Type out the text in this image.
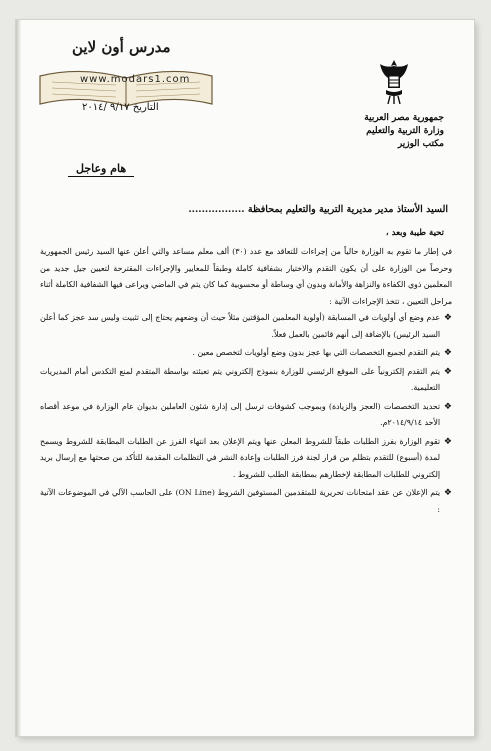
مدرس أون لاين
www.modars1.com
جمهورية مصر العربية
وزارة التربية والتعليم
مكتب الوزير
التاريخ ٩/١٧ /٢٠١٤
هام وعاجل
السيد الأستاذ مدير مديرية التربية والتعليم بمحافظة .................
تحية طيبة وبعد ،

في إطار ما تقوم به الوزارة حالياً من إجراءات للتعاقد مع عدد (٣٠) ألف معلم مساعد والتي أعلن عنها السيد رئيس الجمهورية وحرصاً من الوزارة على أن يكون التقدم والاختيار بشفافية كاملة وطبقاً للمعايير والإجراءات المقترحة لتعيين جيل جديد من المعلمين ذوي الكفاءة والنزاهة والأمانة وبدون أي وساطة أو محسوبية كما كان يتم في الماضي ويراعى فيها الشفافية الكاملة أثناء مراحل التعيين ، تتخذ الإجراءات الآتية :

❖
عدم وضع أي أولويات في المسابقة (أولوية المعلمين المؤقتين مثلاً حيث أن وضعهم يحتاج إلى تثبيت وليس سد عجز كما أعلن السيد الرئيس) بالإضافة إلى أنهم قائمين بالعمل فعلاً.
❖
يتم التقدم لجميع التخصصات التي بها عجز بدون وضع أولويات لتخصص معين .
❖
يتم التقدم إلكترونياً على الموقع الرئيسي للوزارة بنموذج إلكتروني يتم تعبئته بواسطة المتقدم لمنع التكدس أمام المديريات التعليمية.
❖
تحديد التخصصات (العجز والزيادة) وبموجب كشوفات ترسل إلى إدارة شئون العاملين بديوان عام الوزارة في موعد أقصاه الأحد ٢٠١٤/٩/١٤م.
❖
تقوم الوزارة بفرز الطلبات طبقاً للشروط المعلن عنها ويتم الإعلان بعد انتهاء الفرز عن الطلبات المطابقة للشروط ويسمح لمدة (أسبوع) للتقدم بتظلم من قرار لجنة فرز الطلبات وإعادة النشر في التظلمات المقدمة للتأكد من صحتها مع إرسال بريد إلكتروني للطلبات المطابقة لإخطارهم بمطابقة الطلب للشروط .
❖
يتم الإعلان عن عقد امتحانات تحريرية للمتقدمين المستوفين الشروط (ON Line) على الحاسب الآلي في الموضوعات الآتية :
